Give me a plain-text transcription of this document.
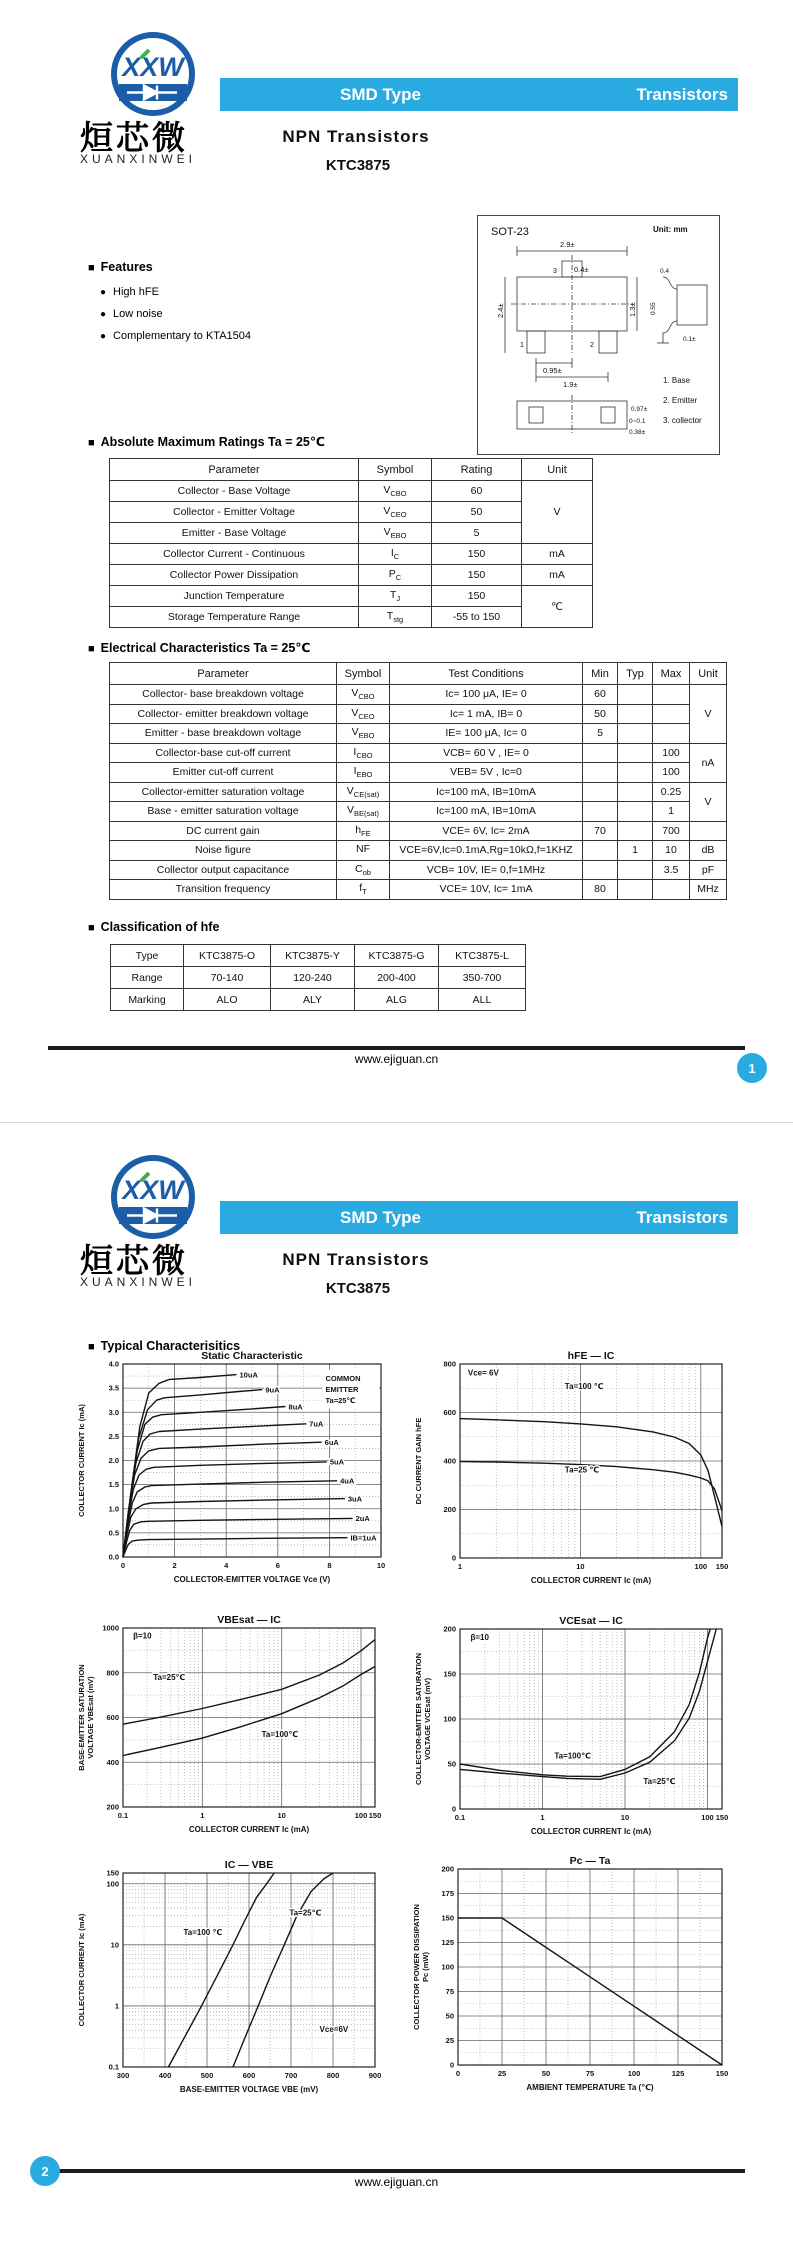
XXW
烜芯微
XUANXINWEI
SMD Type	Transistors
NPN Transistors
KTC3875
■ Features
● High hFE
● Low noise
● Complementary to KTA1504
SOT-23	Unit: mm
2.9±
0.4±
2.4±	1.3±
0.95±
1.9±
3
1	2
0.4
0.55
0.1±
0.97±
0~0.1
0.38±
1. Base
2. Emitter
3. collector
■ Absolute Maximum Ratings Ta = 25℃
Parameter	Symbol	Rating	Unit
Collector - Base Voltage	$V_{CBO}$	60	V
Collector - Emitter Voltage	$V_{CEO}$	50	
Emitter - Base Voltage	$V_{EBO}$	5	
Collector Current - Continuous	$I_C$	150	mA
Collector Power Dissipation	$P_C$	150	mA
Junction Temperature	$T_J$	150	℃
Storage Temperature Range	$T_{stg}$	-55 to 150	
■ Electrical Characteristics Ta = 25℃
Parameter	Symbol	Test Conditions	Min	Typ	Max	Unit
Collector- base breakdown voltage	$V_{CBO}$	Ic= 100 μA, IE= 0	60			V
Collector- emitter breakdown voltage	$V_{CEO}$	Ic= 1 mA, IB= 0	50			
Emitter - base breakdown voltage	$V_{EBO}$	IE= 100 μA, Ic= 0	5			
Collector-base cut-off current	$I_{CBO}$	VCB= 60 V , IE= 0			100	nA
Emitter cut-off current	$I_{EBO}$	VEB= 5V , Ic=0			100	
Collector-emitter saturation voltage	$V_{CE(sat)}$	Ic=100 mA, IB=10mA			0.25	V
Base - emitter saturation voltage	$V_{BE(sat)}$	Ic=100 mA, IB=10mA			1	
DC current gain	$h_{FE}$	VCE= 6V, Ic= 2mA	70		700	
Noise figure	NF	VCE=6V,Ic=0.1mA,Rg=10kΩ,f=1KHZ		1	10	dB
Collector output capacitance	$C_{ob}$	VCB= 10V, IE= 0,f=1MHz			3.5	pF
Transition frequency	$f_T$	VCE= 10V, Ic= 1mA	80			MHz
■ Classification of hfe
Type	KTC3875-O	KTC3875-Y	KTC3875-G	KTC3875-L
Range	70-140	120-240	200-400	350-700
Marking	ALO	ALY	ALG	ALL
www.ejiguan.cn
1
XXW
烜芯微
XUANXINWEI
SMD Type	Transistors
NPN Transistors
KTC3875
■ Typical Characterisitics
Static Characteristic
0	2	4	6	8	10
0.0
0.5
1.0
1.5
2.0
2.5
3.0
3.5
4.0
COLLECTOR-EMITTER VOLTAGE Vce (V)
COLLECTOR CURRENT Ic (mA)
COMMON
EMITTER
Ta=25℃
10uA
9uA
8uA
7uA
6uA
5uA
4uA
3uA
2uA
IB=1uA
hFE — IC
1	10	100 150
0
200
400
600
800
COLLECTOR CURRENT Ic (mA)
DC CURRENT GAIN hFE
Vce= 6V
Ta=100 ℃
Ta=25 ℃
VBEsat — IC
0.1	1	10	100 150
200
400
600
800
1000
COLLECTOR CURRENT Ic (mA)
BASE-EMITTER SATURATION VOLTAGE VBEsat (mV)
β=10
Ta=25℃
Ta=100℃
VCEsat — IC
0.1	1	10	100 150
0
50
100
150
200
COLLECTOR CURRENT Ic (mA)
COLLECTOR-EMITTER SATURATION VOLTAGE VCEsat (mV)
β=10
Ta=100℃
Ta=25℃
IC — VBE
300	400	500	600	700	800	900
0.1
1
10
100
150
BASE-EMITTER VOLTAGE VBE (mV)
COLLECTOR CURRENT Ic (mA)	Ta=100 ℃
Ta=25℃
Vce=6V
Pc — Ta
0	25	50	75	100	125	150
0
25
50
75
100
125
150
175
200
AMBIENT TEMPERATURE Ta (℃)
COLLECTOR POWER DISSIPATION Pc (mW)
www.ejiguan.cn
2
